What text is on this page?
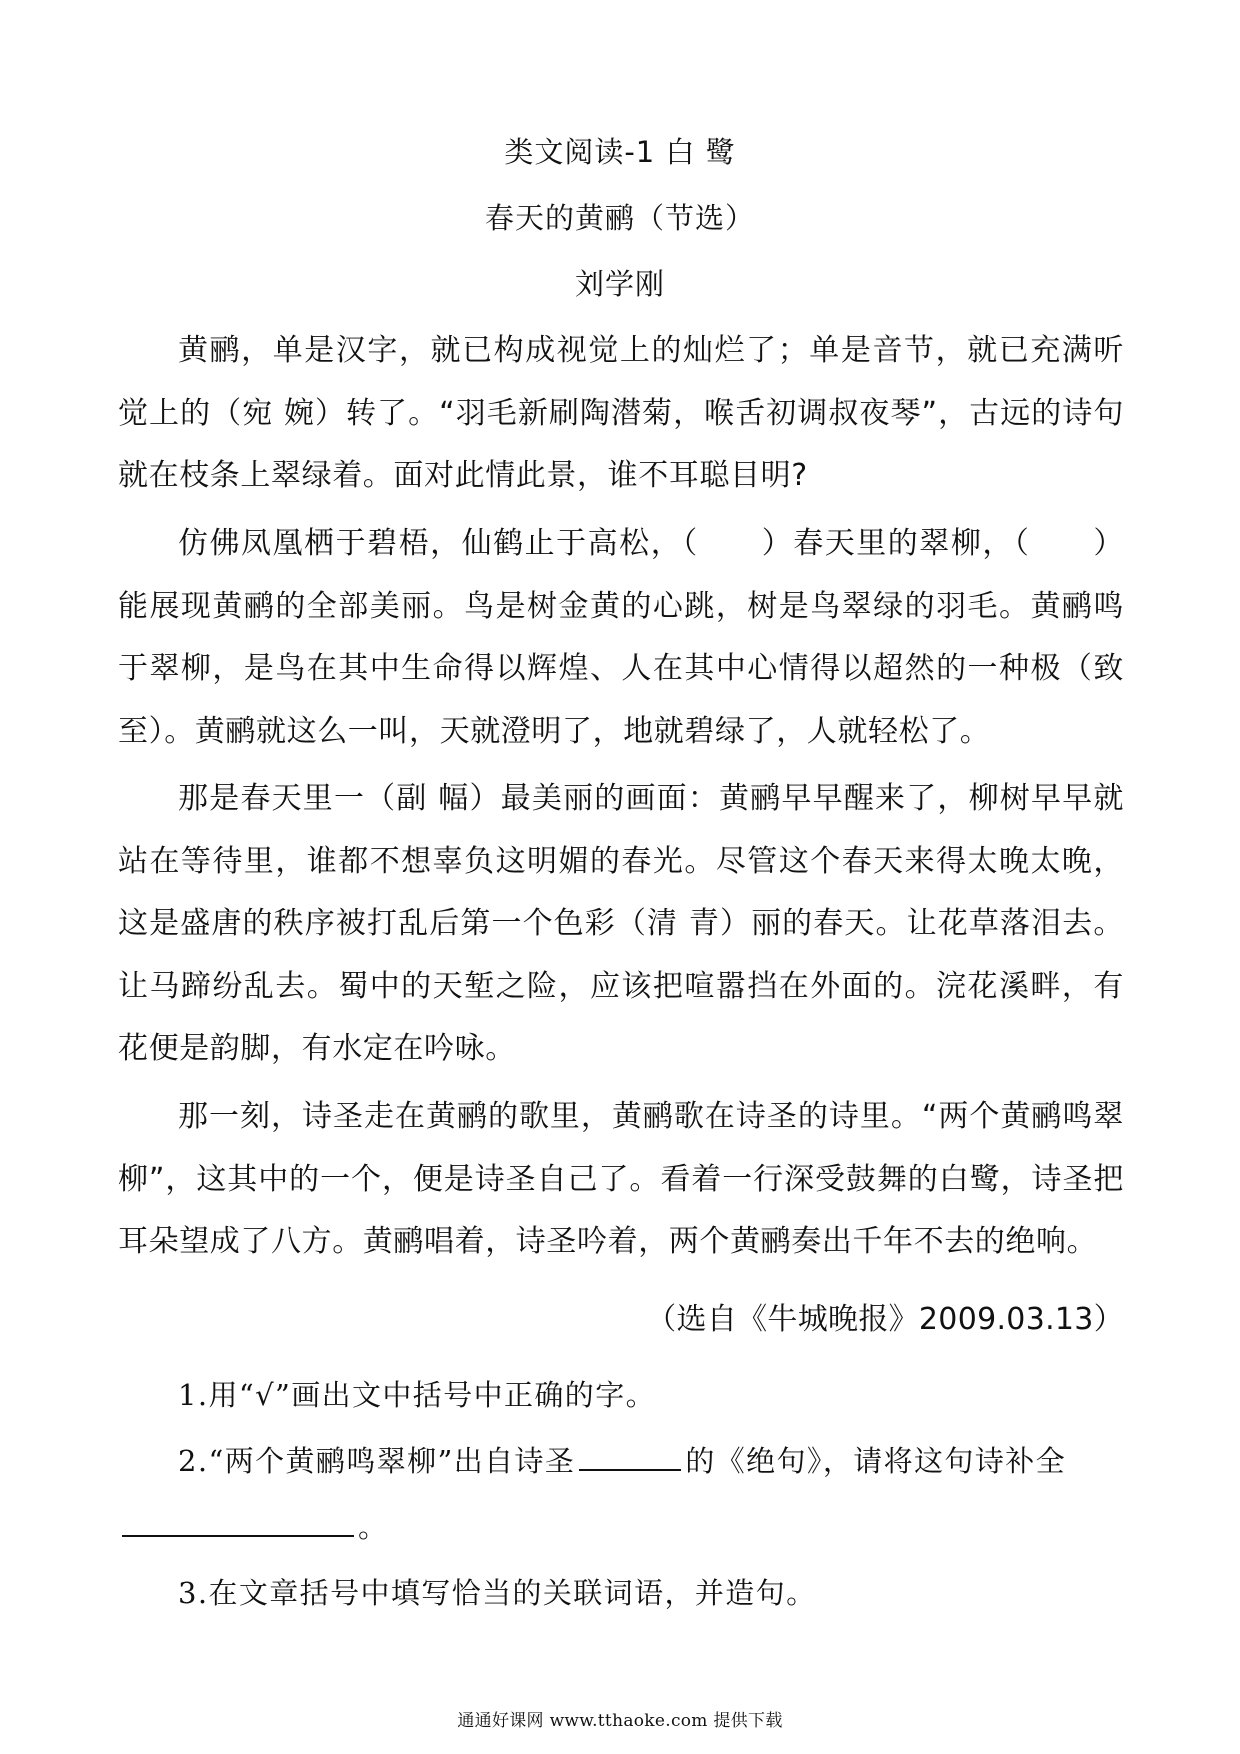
类文阅读-1 白 鹭
春天的黄鹂（节选）
刘学刚

黄鹂，单是汉字，就已构成视觉上的灿烂了；单是音节，就已充满听觉上的（宛 婉）转了。“羽毛新刷陶潜菊，喉舌初调叔夜琴”，古远的诗句就在枝条上翠绿着。面对此情此景，谁不耳聪目明?

仿佛凤凰栖于碧梧，仙鹤止于高松，（　　）春天里的翠柳，（　　）能展现黄鹂的全部美丽。鸟是树金黄的心跳，树是鸟翠绿的羽毛。黄鹂鸣于翠柳，是鸟在其中生命得以辉煌、人在其中心情得以超然的一种极（致 至）。黄鹂就这么一叫，天就澄明了，地就碧绿了，人就轻松了。

那是春天里一（副 幅）最美丽的画面：黄鹂早早醒来了，柳树早早就站在等待里，谁都不想辜负这明媚的春光。尽管这个春天来得太晚太晚，这是盛唐的秩序被打乱后第一个色彩（清 青）丽的春天。让花草落泪去。让马蹄纷乱去。蜀中的天堑之险，应该把喧嚣挡在外面的。浣花溪畔，有花便是韵脚，有水定在吟咏。

那一刻，诗圣走在黄鹂的歌里，黄鹂歌在诗圣的诗里。“两个黄鹂鸣翠柳”，这其中的一个，便是诗圣自己了。看着一行深受鼓舞的白鹭，诗圣把耳朵望成了八方。黄鹂唱着，诗圣吟着，两个黄鹂奏出千年不去的绝响。

（选自《牛城晚报》2009.03.13）

1.用“√”画出文中括号中正确的字。

2.“两个黄鹂鸣翠柳”出自诗圣	的《绝句》，请将这句诗补全。

3.在文章括号中填写恰当的关联词语，并造句。

通通好课网 www.tthaoke.com 提供下载
